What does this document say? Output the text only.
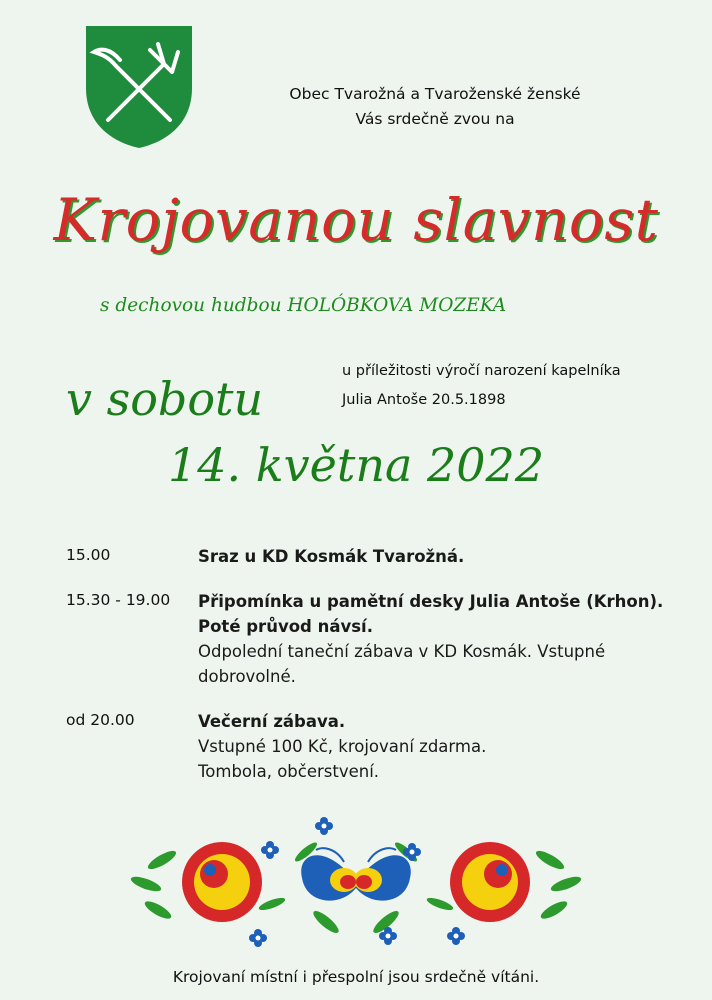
Obec Tvarožná a Tvaroženské ženské
Vás srdečně zvou na
Krojovanou slavnost
s dechovou hudbou HOLÓBKOVA MOZEKA
u příležitosti výročí narození kapelníka
Julia Antoše 20.5.1898
v sobotu
14. května 2022
15.00	Sraz u KD Kosmák Tvarožná.
15.30 - 19.00	Připomínka u pamětní desky Julia Antoše (Krhon).
Poté průvod návsí.
Odpolední taneční zábava v KD Kosmák. Vstupné
dobrovolné.
od 20.00	Večerní zábava.
Vstupné 100 Kč, krojovaní zdarma.
Tombola, občerstvení.
Krojovaní místní i přespolní jsou srdečně vítáni.
